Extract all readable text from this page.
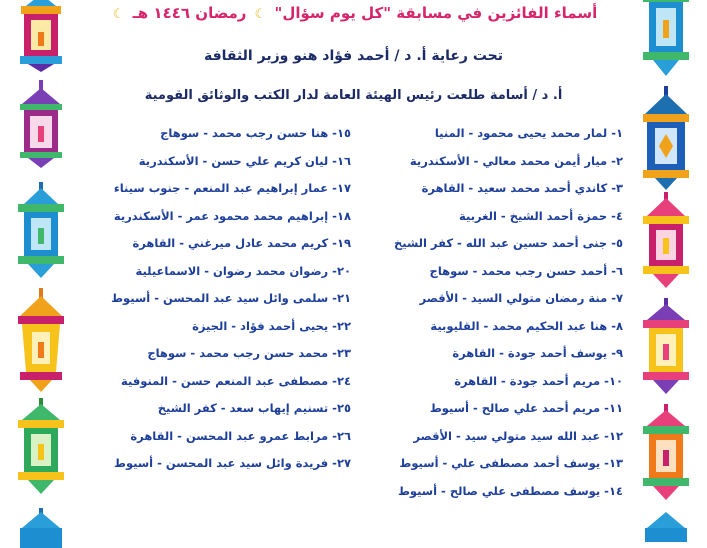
أسماء الفائزين في مسابقة "كل يوم سؤال" ☾ رمضان ١٤٤٦ هـ ☾
تحت رعاية أ. د / أحمد فؤاد هنو وزير الثقافة
أ. د / أسامة طلعت رئيس الهيئة العامة لدار الكتب والوثائق القومية
١- لمار محمد يحيى محمود - المنيا
٢- ميار أيمن محمد معالي - الأسكندرية
٣- كاندي أحمد محمد سعيد - القاهرة
٤- حمزة أحمد الشيخ - الغربية
٥- جنى أحمد حسين عبد الله - كفر الشيخ
٦- أحمد حسن رجب محمد - سوهاج
٧- منة رمضان متولي السيد - الأقصر
٨- هنا عبد الحكيم محمد - القليوبية
٩- يوسف أحمد جودة - القاهرة
١٠- مريم أحمد جودة - القاهرة
١١- مريم أحمد علي صالح - أسيوط
١٢- عبد الله سيد متولي سيد - الأقصر
١٣- يوسف أحمد مصطفى علي - أسيوط
١٤- يوسف مصطفى علي صالح - أسيوط
١٥- هنا حسن رجب محمد - سوهاج
١٦- ليان كريم علي حسن - الأسكندرية
١٧- عمار إبراهيم عبد المنعم - جنوب سيناء
١٨- إبراهيم محمد محمود عمر - الأسكندرية
١٩- كريم محمد عادل ميرغني - القاهرة
٢٠- رضوان محمد رضوان - الاسماعيلية
٢١- سلمى وائل سيد عبد المحسن - أسيوط
٢٢- يحيى أحمد فؤاد - الجيزة
٢٣- محمد حسن رجب محمد - سوهاج
٢٤- مصطفى عبد المنعم حسن - المنوفية
٢٥- تسنيم إيهاب سعد - كفر الشيخ
٢٦- مرابط عمرو عبد المحسن - القاهرة
٢٧- فريدة وائل سيد عبد المحسن - أسيوط
